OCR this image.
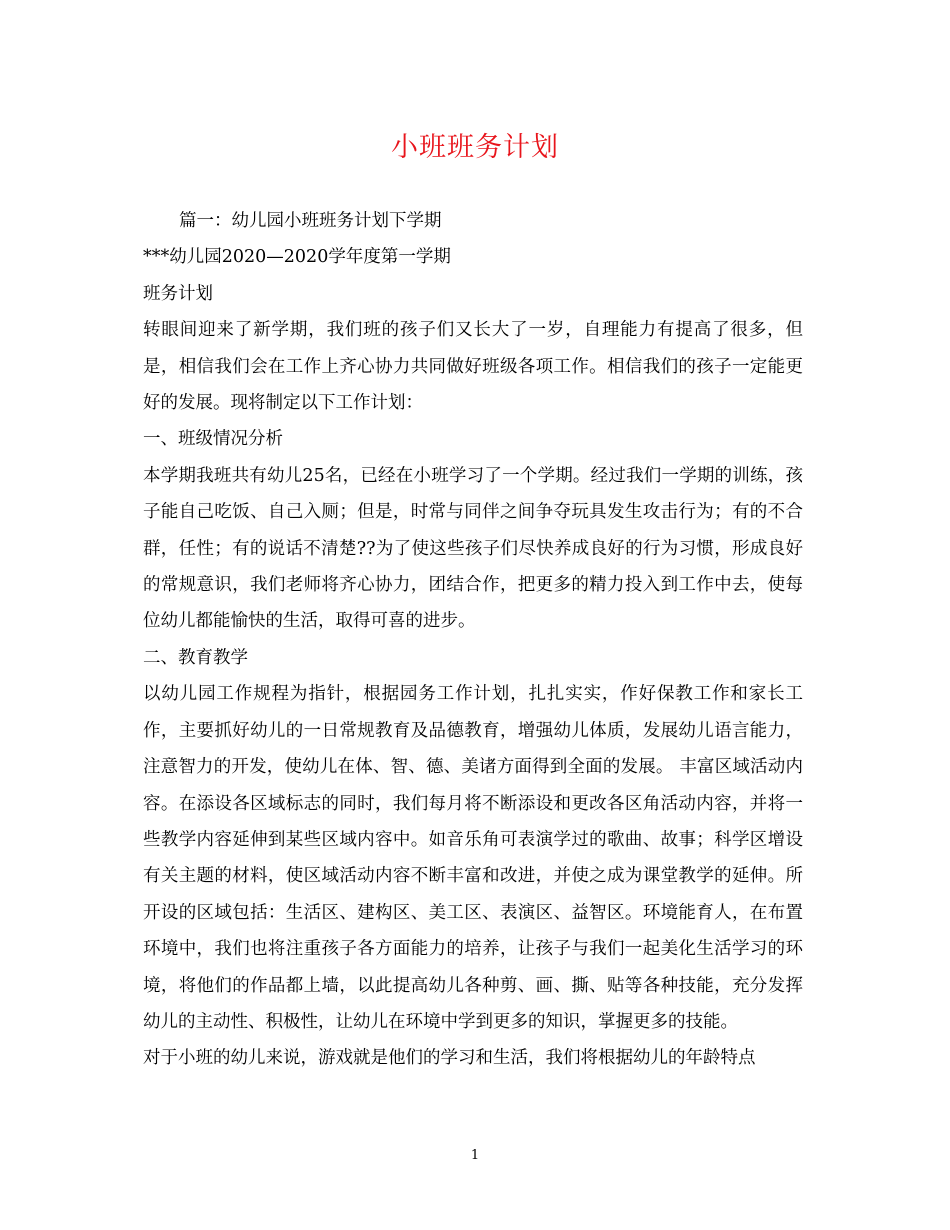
小班班务计划

篇一：幼儿园小班班务计划下学期

***幼儿园2020—2020学年度第一学期

班务计划

转眼间迎来了新学期，我们班的孩子们又长大了一岁，自理能力有提高了很多，但是，相信我们会在工作上齐心协力共同做好班级各项工作。相信我们的孩子一定能更好的发展。现将制定以下工作计划：

一、班级情况分析

本学期我班共有幼儿25名，已经在小班学习了一个学期。经过我们一学期的训练，孩子能自己吃饭、自己入厕；但是，时常与同伴之间争夺玩具发生攻击行为；有的不合群，任性；有的说话不清楚??为了使这些孩子们尽快养成良好的行为习惯，形成良好的常规意识，我们老师将齐心协力，团结合作，把更多的精力投入到工作中去，使每位幼儿都能愉快的生活，取得可喜的进步。

二、教育教学

以幼儿园工作规程为指针，根据园务工作计划，扎扎实实，作好保教工作和家长工作，主要抓好幼儿的一日常规教育及品德教育，增强幼儿体质，发展幼儿语言能力，注意智力的开发，使幼儿在体、智、德、美诸方面得到全面的发展。 丰富区域活动内容。在添设各区域标志的同时，我们每月将不断添设和更改各区角活动内容，并将一些教学内容延伸到某些区域内容中。如音乐角可表演学过的歌曲、故事；科学区增设有关主题的材料，使区域活动内容不断丰富和改进，并使之成为课堂教学的延伸。所开设的区域包括：生活区、建构区、美工区、表演区、益智区。环境能育人，在布置环境中，我们也将注重孩子各方面能力的培养，让孩子与我们一起美化生活学习的环境，将他们的作品都上墙，以此提高幼儿各种剪、画、撕、贴等各种技能，充分发挥幼儿的主动性、积极性，让幼儿在环境中学到更多的知识，掌握更多的技能。

对于小班的幼儿来说，游戏就是他们的学习和生活，我们将根据幼儿的年龄特点

1
